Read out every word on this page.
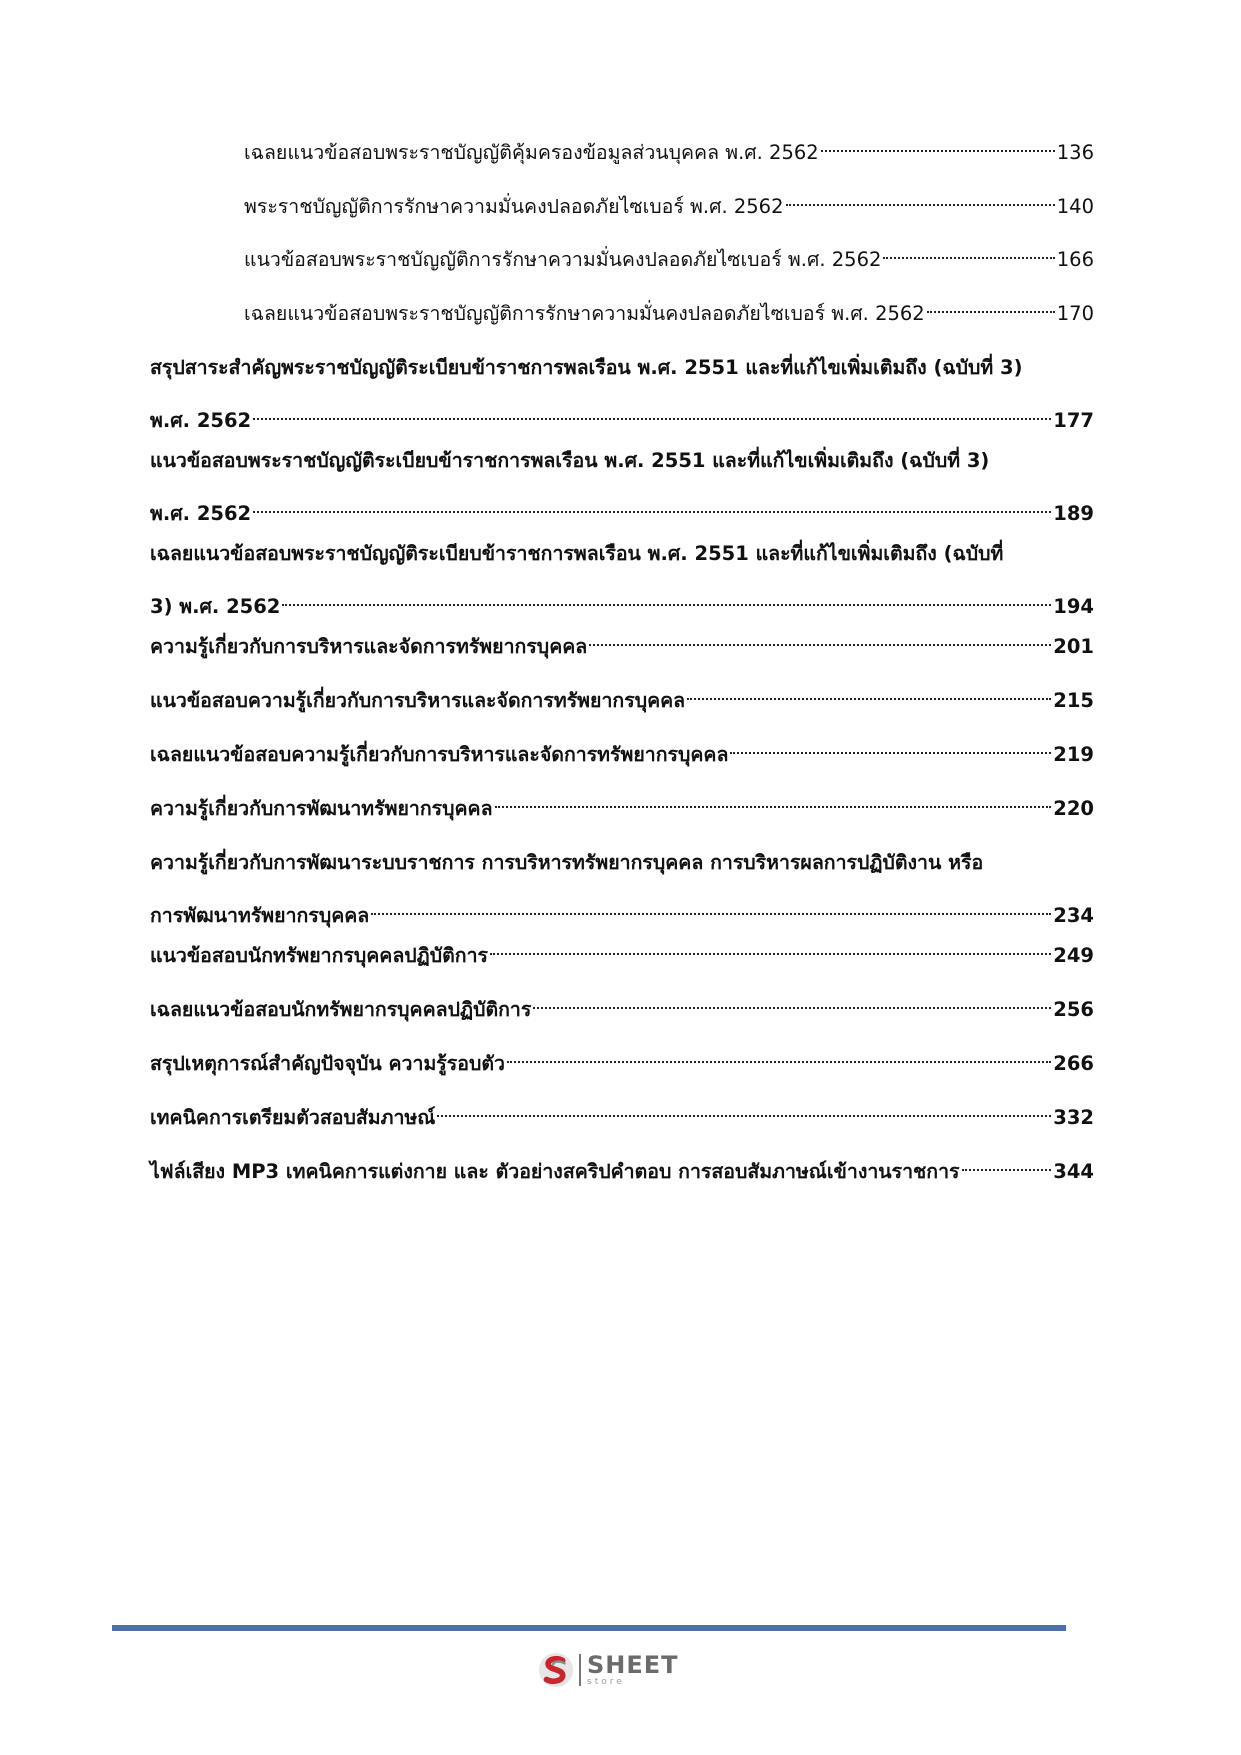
เฉลยแนวข้อสอบพระราชบัญญัติคุ้มครองข้อมูลส่วนบุคคล พ.ศ. 2562	136
พระราชบัญญัติการรักษาความมั่นคงปลอดภัยไซเบอร์ พ.ศ. 2562	140
แนวข้อสอบพระราชบัญญัติการรักษาความมั่นคงปลอดภัยไซเบอร์ พ.ศ. 2562	166
เฉลยแนวข้อสอบพระราชบัญญัติการรักษาความมั่นคงปลอดภัยไซเบอร์ พ.ศ. 2562	170
สรุปสาระสำคัญพระราชบัญญัติระเบียบข้าราชการพลเรือน พ.ศ. 2551 และที่แก้ไขเพิ่มเติมถึง (ฉบับที่ 3)
พ.ศ. 2562	177
แนวข้อสอบพระราชบัญญัติระเบียบข้าราชการพลเรือน พ.ศ. 2551 และที่แก้ไขเพิ่มเติมถึง (ฉบับที่ 3)
พ.ศ. 2562	189
เฉลยแนวข้อสอบพระราชบัญญัติระเบียบข้าราชการพลเรือน พ.ศ. 2551 และที่แก้ไขเพิ่มเติมถึง (ฉบับที่
3) พ.ศ. 2562	194
ความรู้เกี่ยวกับการบริหารและจัดการทรัพยากรบุคคล	201
แนวข้อสอบความรู้เกี่ยวกับการบริหารและจัดการทรัพยากรบุคคล	215
เฉลยแนวข้อสอบความรู้เกี่ยวกับการบริหารและจัดการทรัพยากรบุคคล	219
ความรู้เกี่ยวกับการพัฒนาทรัพยากรบุคคล	220
ความรู้เกี่ยวกับการพัฒนาระบบราชการ การบริหารทรัพยากรบุคคล การบริหารผลการปฏิบัติงาน หรือ
การพัฒนาทรัพยากรบุคคล	234
แนวข้อสอบนักทรัพยากรบุคคลปฏิบัติการ	249
เฉลยแนวข้อสอบนักทรัพยากรบุคคลปฏิบัติการ	256
สรุปเหตุการณ์สำคัญปัจจุบัน ความรู้รอบตัว	266
เทคนิคการเตรียมตัวสอบสัมภาษณ์	332
ไฟล์เสียง MP3 เทคนิคการแต่งกาย และ ตัวอย่างสคริปคำตอบ การสอบสัมภาษณ์เข้างานราชการ	344
SHEET
store
